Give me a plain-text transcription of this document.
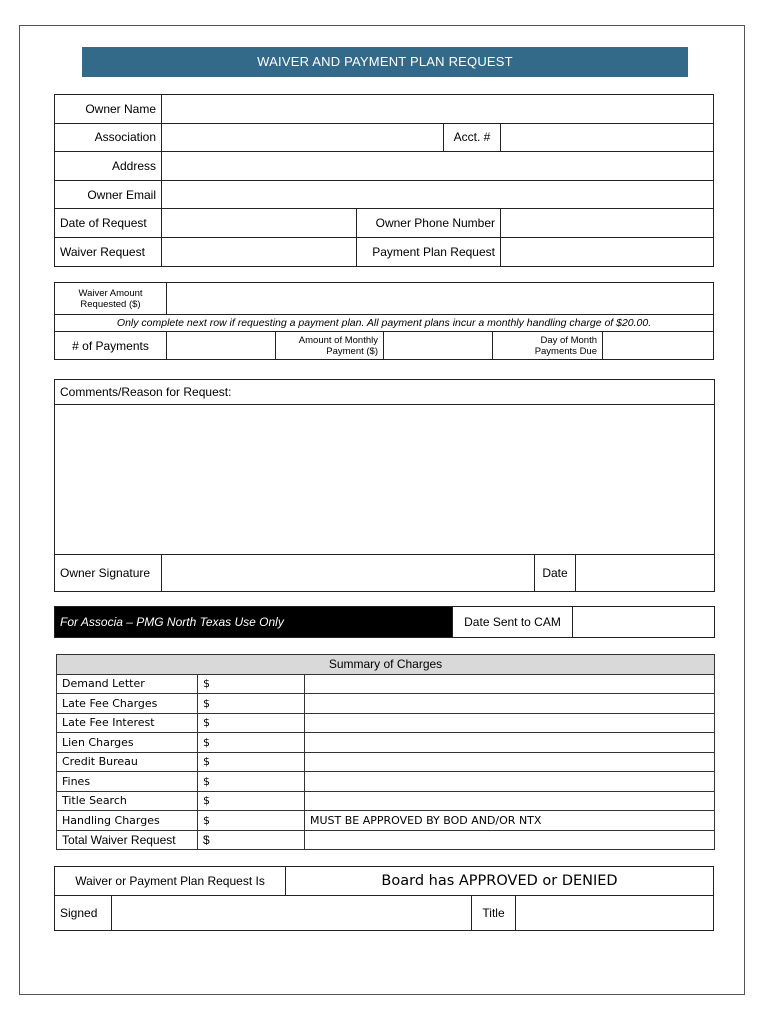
WAIVER AND PAYMENT PLAN REQUEST
Owner Name				
Association			Acct. #	
Address				
Owner Email				
Date of Request		Owner Phone Number		
Waiver Request		Payment Plan Request		
Waiver Amount Requested ($)					
Only complete next row if requesting a payment plan. All payment plans incur a monthly handling charge of $20.00.					
# of Payments		Amount of Monthly Payment ($)		Day of Month Payments Due	
Comments/Reason for Request:

Owner Signature		Date	
For Associa – PMG North Texas Use Only	Date Sent to CAM	
Summary of Charges		
Demand Letter	$	
Late Fee Charges	$	
Late Fee Interest	$	
Lien Charges	$	
Credit Bureau	$	
Fines	$	
Title Search	$	
Handling Charges	$	MUST BE APPROVED BY BOD AND/OR NTX
Total Waiver Request	$	
Waiver or Payment Plan Request Is		Board has APPROVED or DENIED		
Signed			Title	
